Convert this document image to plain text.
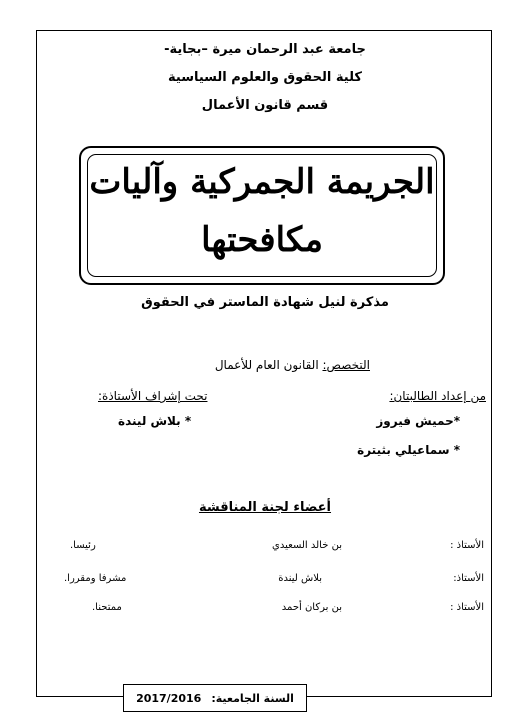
جامعة عبد الرحمان ميرة –بجاية-
كلية الحقوق والعلوم السياسية
قسم قانون الأعمال
الجريمة الجمركية وآليات
مكافحتها
مذكرة لنيل شهادة الماستر في الحقوق
التخصص: القانون العام للأعمال
من إعداد الطالبتان:
تحت إشراف الأستاذة:
*حميش فيروز
* سماعيلي بثيترة
* بلاش ليندة
أعضاء لجنة المناقشة
الأستاذ :
بن خالد السعيدي
رئيسا.
الأستاذ:
بلاش ليندة
مشرفا ومقررا.
الأستاذ :
بن بركان أحمد
ممتحنا.
السنة الجامعية:
2017/2016
